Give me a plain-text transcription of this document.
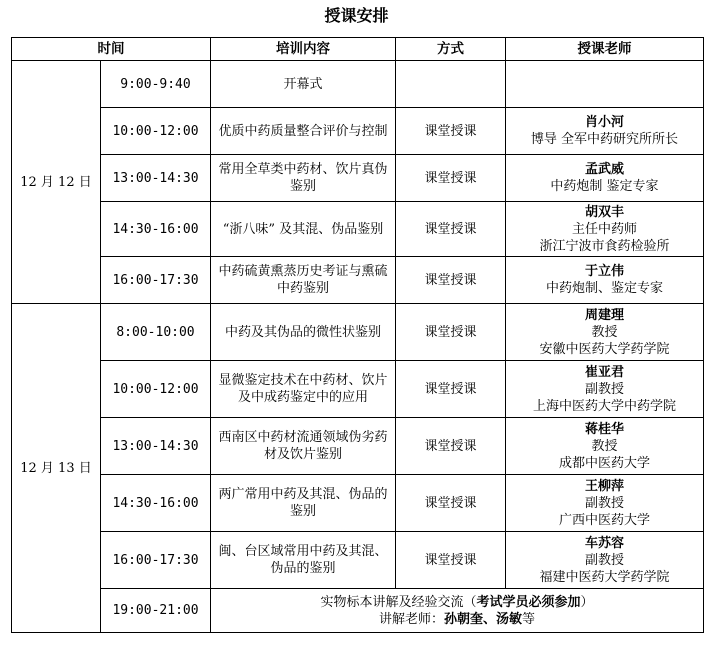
授课安排
时间		培训内容	方式	授课老师
12 月 12 日	9:00-9:40	开幕式		
	10:00-12:00	优质中药质量整合评价与控制	课堂授课	肖小河
博导 全军中药研究所所长

	13:00-14:30	常用全草类中药材、饮片真伪鉴别	课堂授课	孟武威
中药炮制 鉴定专家

	14:30-16:00	“浙八味” 及其混、伪品鉴别	课堂授课	胡双丰
主任中药师
浙江宁波市食药检验所

	16:00-17:30	中药硫黄熏蒸历史考证与熏硫中药鉴别	课堂授课	于立伟
中药炮制、鉴定专家

12 月 13 日	8:00-10:00	中药及其伪品的微性状鉴别	课堂授课	周建理
教授
安徽中医药大学药学院

	10:00-12:00	显微鉴定技术在中药材、饮片及中成药鉴定中的应用	课堂授课	崔亚君
副教授
上海中医药大学中药学院

	13:00-14:30	西南区中药材流通领域伪劣药材及饮片鉴别	课堂授课	蒋桂华
教授
成都中医药大学

	14:30-16:00	两广常用中药及其混、伪品的鉴别	课堂授课	王柳萍
副教授
广西中医药大学

	16:00-17:30	闽、台区域常用中药及其混、伪品的鉴别	课堂授课	车苏容
副教授
福建中医药大学药学院

	19:00-21:00	实物标本讲解及经验交流（考试学员必须参加）
讲解老师：孙朝奎、汤敏等		
